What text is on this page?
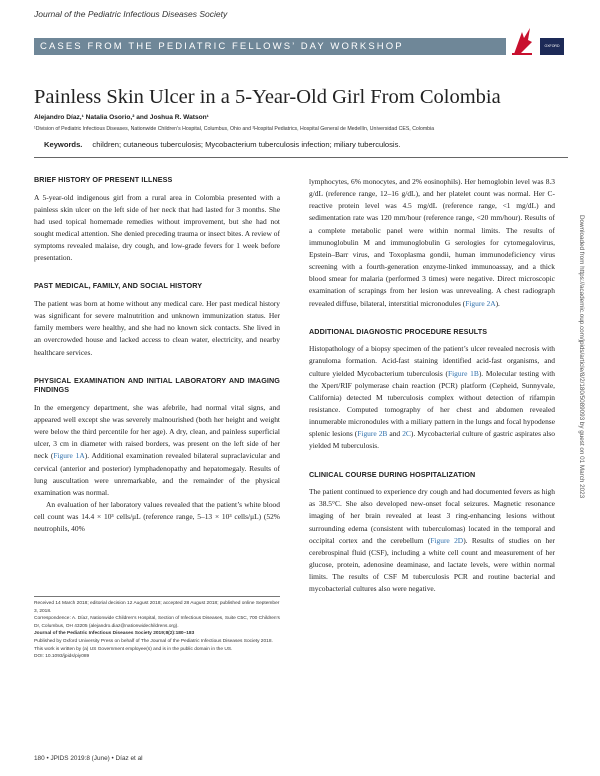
Journal of the Pediatric Infectious Diseases Society
CASES FROM THE PEDIATRIC FELLOWS’ DAY WORKSHOP	OXFORD
Painless Skin Ulcer in a 5-Year-Old Girl From Colombia
Alejandro Díaz,¹ Natalia Osorio,² and Joshua R. Watson¹
¹Division of Pediatric Infectious Diseases, Nationwide Children’s Hospital, Columbus, Ohio and ²Hospital Pediatrics, Hospital General de Medellín, Universidad CES, Colombia
Keywords. children; cutaneous tuberculosis; Mycobacterium tuberculosis infection; miliary tuberculosis.
BRIEF HISTORY OF PRESENT ILLNESS

A 5-year-old indigenous girl from a rural area in Colombia presented with a painless skin ulcer on the left side of her neck that had lasted for 3 months. She had used topical homemade remedies without improvement, but she had not sought medical attention. She denied preceding trauma or insect bites. A review of symptoms revealed malaise, dry cough, and low-grade fevers for 1 week before presentation.

PAST MEDICAL, FAMILY, AND SOCIAL HISTORY

The patient was born at home without any medical care. Her past medical history was significant for severe malnutrition and unknown immunization status. Her family members were healthy, and she had no known sick contacts. She lived in an overcrowded house and lacked access to clean water, electricity, and nearby healthcare services.

PHYSICAL EXAMINATION AND INITIAL LABORATORY AND IMAGING FINDINGS

In the emergency department, she was afebrile, had normal vital signs, and appeared well except she was severely malnourished (both her height and weight were below the third percentile for her age). A dry, clean, and painless superficial ulcer, 3 cm in diameter with raised borders, was present on the left side of her neck (Figure 1A). Additional examination revealed bilateral supraclavicular and cervical (anterior and posterior) lymphadenopathy and hepatomegaly. Results of lung auscultation were unremarkable, and the remainder of the physical examination was normal.

An evaluation of her laboratory values revealed that the patient’s white blood cell count was 14.4 × 10³ cells/μL (reference range, 5–13 × 10³ cells/μL) (52% neutrophils, 40%

Received 14 March 2018; editorial decision 12 August 2018; accepted 28 August 2018; published online September 3, 2018.

Correspondence: A. Díaz, Nationwide Children’s Hospital, Section of Infectious Diseases, Suite C5C, 700 Children’s Dr, Columbus, OH 43205 (alejandro.diaz@nationwidechildrens.org).

Journal of the Pediatric Infectious Diseases Society 2019;8(2):180–183

Published by Oxford University Press on behalf of The Journal of the Pediatric Infectious Diseases Society 2018. This work is written by (a) US Government employee(s) and is in the public domain in the US.

DOI: 10.1093/jpids/piy089

lymphocytes, 6% monocytes, and 2% eosinophils). Her hemoglobin level was 8.3 g/dL (reference range, 12–16 g/dL), and her platelet count was normal. Her C-reactive protein level was 4.5 mg/dL (reference range, <1 mg/dL) and sedimentation rate was 120 mm/hour (reference range, <20 mm/hour). Results of a complete metabolic panel were within normal limits. The results of immunoglobulin M and immunoglobulin G serologies for cytomegalovirus, Epstein–Barr virus, and Toxoplasma gondii, human immunodeficiency virus screening with a fourth-generation enzyme-linked immunoassay, and a thick blood smear for malaria (performed 3 times) were negative. Direct microscopic examination of scrapings from her lesion was unrevealing. A chest radiograph revealed diffuse, bilateral, interstitial micronodules (Figure 2A).

ADDITIONAL DIAGNOSTIC PROCEDURE RESULTS

Histopathology of a biopsy specimen of the patient’s ulcer revealed necrosis with granuloma formation. Acid-fast staining identified acid-fast organisms, and culture yielded Mycobacterium tuberculosis (Figure 1B). Molecular testing with the Xpert/RIF polymerase chain reaction (PCR) platform (Cepheid, Sunnyvale, California) detected M tuberculosis complex without detection of rifampin resistance. Computed tomography of her chest and abdomen revealed innumerable micronodules with a miliary pattern in the lungs and focal hypodense splenic lesions (Figure 2B and 2C). Mycobacterial culture of gastric aspirates also yielded M tuberculosis.

CLINICAL COURSE DURING HOSPITALIZATION

The patient continued to experience dry cough and had documented fevers as high as 38.5°C. She also developed new-onset focal seizures. Magnetic resonance imaging of her brain revealed at least 3 ring-enhancing lesions without surrounding edema (consistent with tuberculomas) located in the temporal and occipital cortex and the cerebellum (Figure 2D). Results of studies on her cerebrospinal fluid (CSF), including a white cell count and measurement of her glucose, protein, adenosine deaminase, and lactate levels, were within normal limits. The results of CSF M tuberculosis PCR and routine bacterial and mycobacterial cultures also were negative.

180 • JPIDS 2019:8 (June) • Díaz et al
Downloaded from https://academic.oup.com/jpids/article/8/2/180/5089093 by guest on 01 March 2023
